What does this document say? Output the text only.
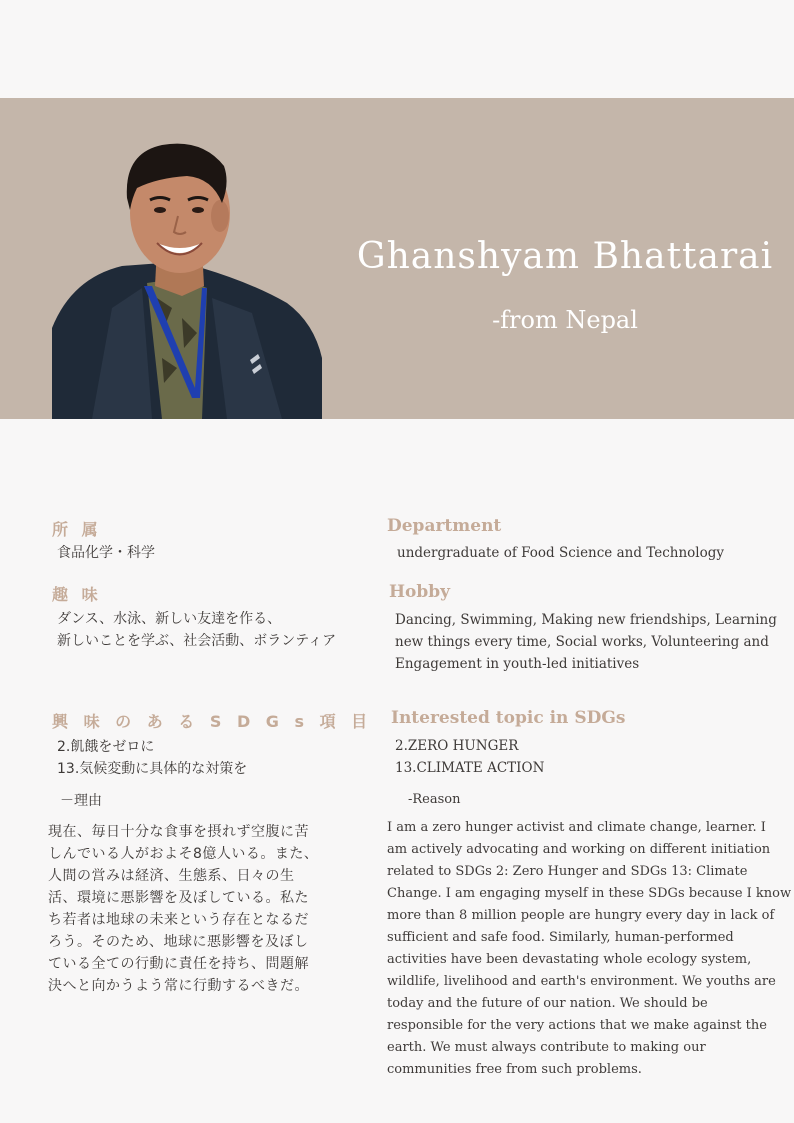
Ghanshyam Bhattarai
-from Nepal
所 属
食品化学・科学
趣 味
ダンス、水泳、新しい友達を作る、
新しいことを学ぶ、社会活動、ボランティア
興 味 の あ る S D G s 項 目
2.飢餓をゼロに
13.気候変動に具体的な対策を
－理由
現在、毎日十分な食事を摂れず空腹に苦
しんでいる人がおよそ8億人いる。また、
人間の営みは経済、生態系、日々の生
活、環境に悪影響を及ぼしている。私た
ち若者は地球の未来という存在となるだ
ろう。そのため、地球に悪影響を及ぼし
ている全ての行動に責任を持ち、問題解
決へと向かうよう常に行動するべきだ。
Department
undergraduate of Food Science and Technology
Hobby
Dancing, Swimming, Making new friendships, Learning
new things every time, Social works, Volunteering and
Engagement in youth-led initiatives
Interested topic in SDGs
2.ZERO HUNGER
13.CLIMATE ACTION
-Reason
I am a zero hunger activist and climate change, learner. I
am actively advocating and working on different initiation
related to SDGs 2: Zero Hunger and SDGs 13: Climate
Change. I am engaging myself in these SDGs because I know
more than 8 million people are hungry every day in lack of
sufficient and safe food. Similarly, human-performed
activities have been devastating whole ecology system,
wildlife, livelihood and earth's environment. We youths are
today and the future of our nation. We should be
responsible for the very actions that we make against the
earth. We must always contribute to making our
communities free from such problems.
